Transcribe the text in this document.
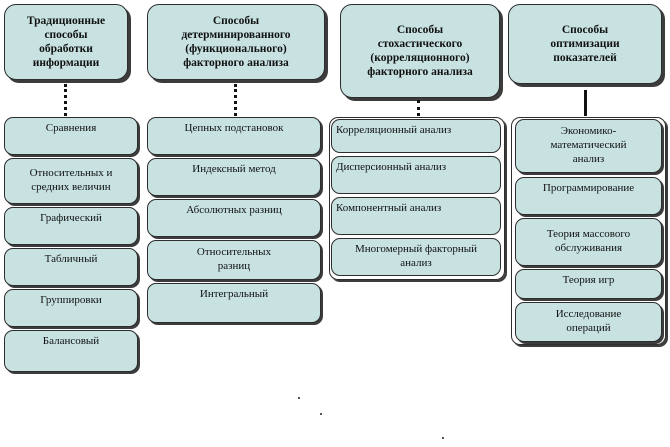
Традиционные
способы
обработки
информации
Сравнения
Относительных и
средних величин
Графический
Табличный
Группировки
Балансовый
Способы
детерминированного
(функционального)
факторного анализа
Цепных подстановок
Индексный метод
Абсолютных разниц
Относительных
разниц
Интегральный
Способы
стохастического
(корреляционного)
факторного анализа
Корреляционный анализ
Дисперсионный анализ
Компонентный анализ
Многомерный факторный
анализ
Способы
оптимизации
показателей
Экономико-
математический
анализ
Программирование
Теория массового
обслуживания
Теория игр
Исследование
операций
